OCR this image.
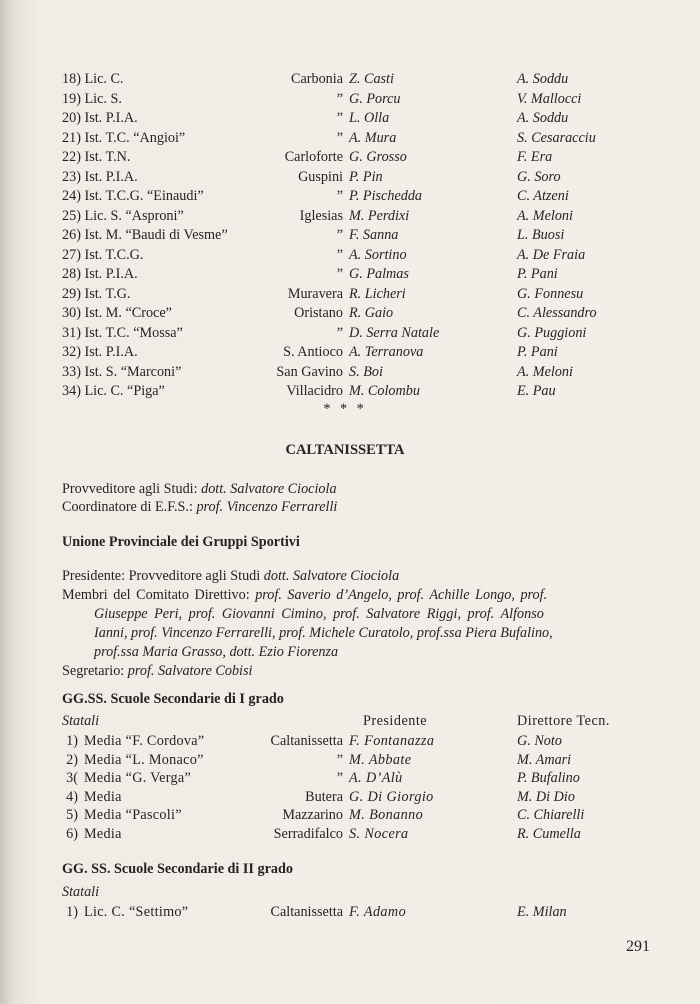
18) Lic. C.	Carbonia Z. Casti	A. Soddu
19) Lic. S.	” G. Porcu	V. Mallocci
20) Ist. P.I.A.	” L. Olla	A. Soddu
21) Ist. T.C. “Angioi”	” A. Mura	S. Cesaracciu
22) Ist. T.N.	Carloforte G. Grosso	F. Era
23) Ist. P.I.A.	Guspini P. Pin	G. Soro
24) Ist. T.C.G. “Einaudi”	” P. Pischedda	C. Atzeni
25) Lic. S. “Asproni”	Iglesias M. Perdixi	A. Meloni
26) Ist. M. “Baudi di Vesme”	” F. Sanna	L. Buosi
27) Ist. T.C.G.	” A. Sortino	A. De Fraia
28) Ist. P.I.A.	” G. Palmas	P. Pani
29) Ist. T.G.	Muravera R. Licheri	G. Fonnesu
30) Ist. M. “Croce”	Oristano R. Gaio	C. Alessandro
31) Ist. T.C. “Mossa”	” D. Serra Natale	G. Puggioni
32) Ist. P.I.A.	S. Antioco A. Terranova	P. Pani
33) Ist. S. “Marconi”	San Gavino S. Boi	A. Meloni
34) Lic. C. “Piga”	Villacidro M. Colombu	E. Pau
* * *
CALTANISSETTA
Provveditore agli Studi: dott. Salvatore Ciociola
Coordinatore di E.F.S.: prof. Vincenzo Ferrarelli
Unione Provinciale dei Gruppi Sportivi
Presidente: Provveditore agli Studi dott. Salvatore Ciociola
Membri del Comitato Direttivo: prof. Saverio d’Angelo, prof. Achille Longo, prof.
Giuseppe Peri, prof. Giovanni Cimino, prof. Salvatore Riggi, prof. Alfonso
Ianni, prof. Vincenzo Ferrarelli, prof. Michele Curatolo, prof.ssa Piera Bufalino,
prof.ssa Maria Grasso, dott. Ezio Fiorenza
Segretario: prof. Salvatore Cobisi
GG.SS. Scuole Secondarie di I grado
Statali	Presidente	Direttore Tecn.
1) Media “F. Cordova”	Caltanissetta F. Fontanazza	G. Noto
2) Media “L. Monaco”	” M. Abbate	M. Amari
3( Media “G. Verga”	” A. D’Alù	P. Bufalino
4) Media	Butera G. Di Giorgio	M. Di Dio
5) Media “Pascoli”	Mazzarino M. Bonanno	C. Chiarelli
6) Media	Serradifalco S. Nocera	R. Cumella
GG. SS. Scuole Secondarie di II grado
Statali
1) Lic. C. “Settimo”	Caltanissetta F. Adamo	E. Milan
291
